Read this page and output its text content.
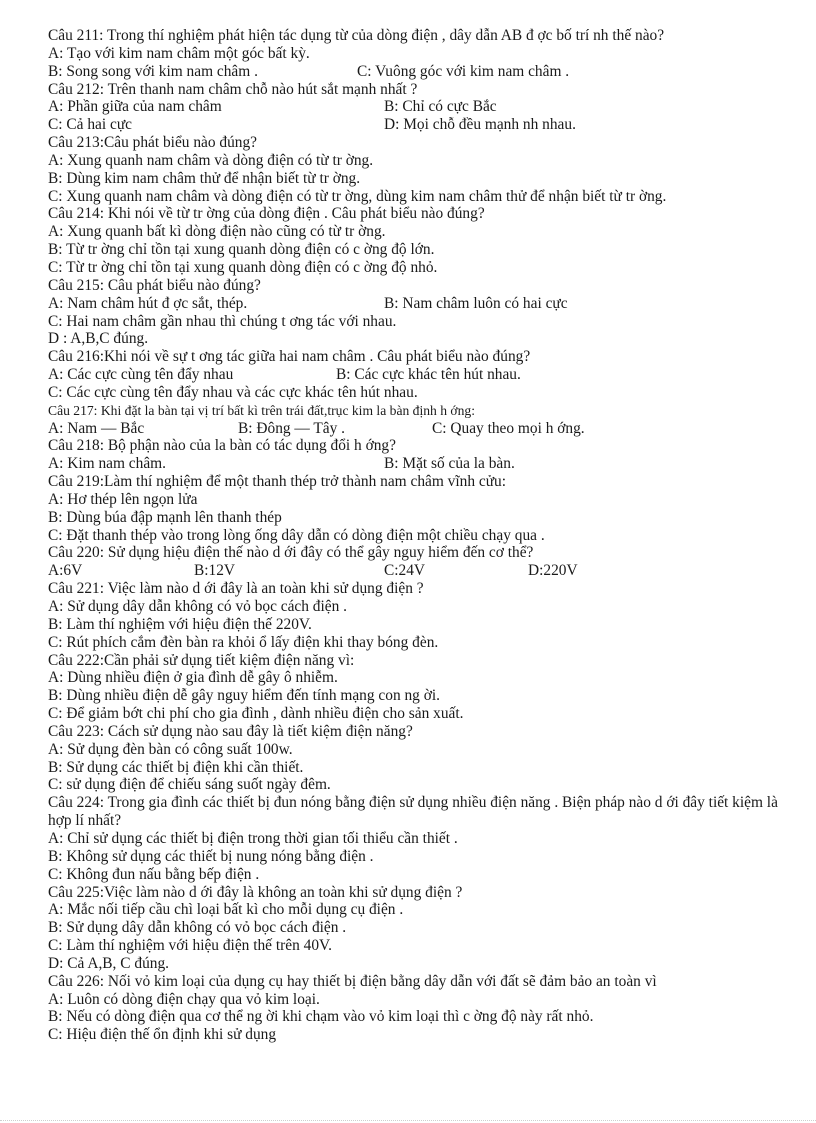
Câu 211: Trong thí nghiệm phát hiện tác dụng từ của dòng điện , dây dẫn AB đ ợc bố trí nh thế nào?
A: Tạo với kim nam châm một góc bất kỳ.
B: Song song với kim nam châm .	C: Vuông góc với kim nam châm .
Câu 212: Trên thanh nam châm chỗ nào hút sắt mạnh nhất ?
A: Phần giữa của nam châm	B: Chỉ có cực Bắc
C: Cả hai cực	D: Mọi chỗ đều mạnh nh nhau.
Câu 213:Câu phát biểu nào đúng?
A: Xung quanh nam châm và dòng điện có từ tr ờng.
B: Dùng kim nam châm thử để nhận biết từ tr ờng.
C: Xung quanh nam châm và dòng điện có từ tr ờng, dùng kim nam châm thử để nhận biết từ tr ờng.
Câu 214: Khi nói về từ tr ờng của dòng điện . Câu phát biểu nào đúng?
A: Xung quanh bất kì dòng điện nào cũng có từ tr ờng.
B: Từ tr ờng chỉ tồn tại xung quanh dòng điện có c ờng độ lớn.
C: Từ tr ờng chỉ tồn tại xung quanh dòng điện có c ờng độ nhỏ.
Câu 215: Câu phát biểu nào đúng?
A: Nam châm hút đ ợc sắt, thép.	B: Nam châm luôn có hai cực
C: Hai nam châm gần nhau thì chúng t ơng tác với nhau.
D : A,B,C đúng.
Câu 216:Khi nói về sự t ơng tác giữa hai nam châm . Câu phát biểu nào đúng?
A: Các cực cùng tên đẩy nhau	B: Các cực khác tên hút nhau.
C: Các cực cùng tên đẩy nhau và các cực khác tên hút nhau.
Câu 217: Khi đặt la bàn tại vị trí bất kì trên trái đất,trục kim la bàn định h ớng:
A: Nam — Bắc	B: Đông — Tây .	C: Quay theo mọi h ớng.
Câu 218: Bộ phận nào của la bàn có tác dụng đổi h ớng?
A: Kim nam châm.	B: Mặt số của la bàn.
Câu 219:Làm thí nghiệm để một thanh thép trở thành nam châm vĩnh cửu:
A: Hơ thép lên ngọn lửa
B: Dùng búa đập mạnh lên thanh thép
C: Đặt thanh thép vào trong lòng ống dây dẫn có dòng điện một chiều chạy qua .
Câu 220: Sử dụng hiệu điện thế nào d ới đây có thể gây nguy hiểm đến cơ thể?
A:6V	B:12V	C:24V	D:220V
Câu 221: Việc làm nào d ới đây là an toàn khi sử dụng điện ?
A: Sử dụng dây dẫn không có vỏ bọc cách điện .
B: Làm thí nghiệm với hiệu điện thế 220V.
C: Rút phích cắm đèn bàn ra khỏi ổ lấy điện khi thay bóng đèn.
Câu 222:Cần phải sử dụng tiết kiệm điện năng vì:
A: Dùng nhiều điện ở gia đình dễ gây ô nhiễm.
B: Dùng nhiều điện dễ gây nguy hiểm đến tính mạng con ng ời.
C: Để giảm bớt chi phí cho gia đình , dành nhiều điện cho sản xuất.
Câu 223: Cách sử dụng nào sau đây là tiết kiệm điện năng?
A: Sử dụng đèn bàn có công suất 100w.
B: Sử dụng các thiết bị điện khi cần thiết.
C: sử dụng điện để chiếu sáng suốt ngày đêm.
Câu 224: Trong gia đình các thiết bị đun nóng bằng điện sử dụng nhiều điện năng . Biện pháp nào d ới đây tiết kiệm là hợp lí nhất?
A: Chỉ sử dụng các thiết bị điện trong thời gian tối thiểu cần thiết .
B: Không sử dụng các thiết bị nung nóng bằng điện .
C: Không đun nấu bằng bếp điện .
Câu 225:Việc làm nào d ới đây là không an toàn khi sử dụng điện ?
A: Mắc nối tiếp cầu chì loại bất kì cho mỗi dụng cụ điện .
B: Sử dụng dây dẫn không có vỏ bọc cách điện .
C: Làm thí nghiệm với hiệu điện thế trên 40V.
D: Cả A,B, C đúng.
Câu 226: Nối vỏ kim loại của dụng cụ hay thiết bị điện bằng dây dẫn với đất sẽ đảm bảo an toàn vì
A: Luôn có dòng điện chạy qua vỏ kim loại.
B: Nếu có dòng điện qua cơ thể ng ời khi chạm vào vỏ kim loại thì c ờng độ này rất nhỏ.
C: Hiệu điện thế ổn định khi sử dụng
